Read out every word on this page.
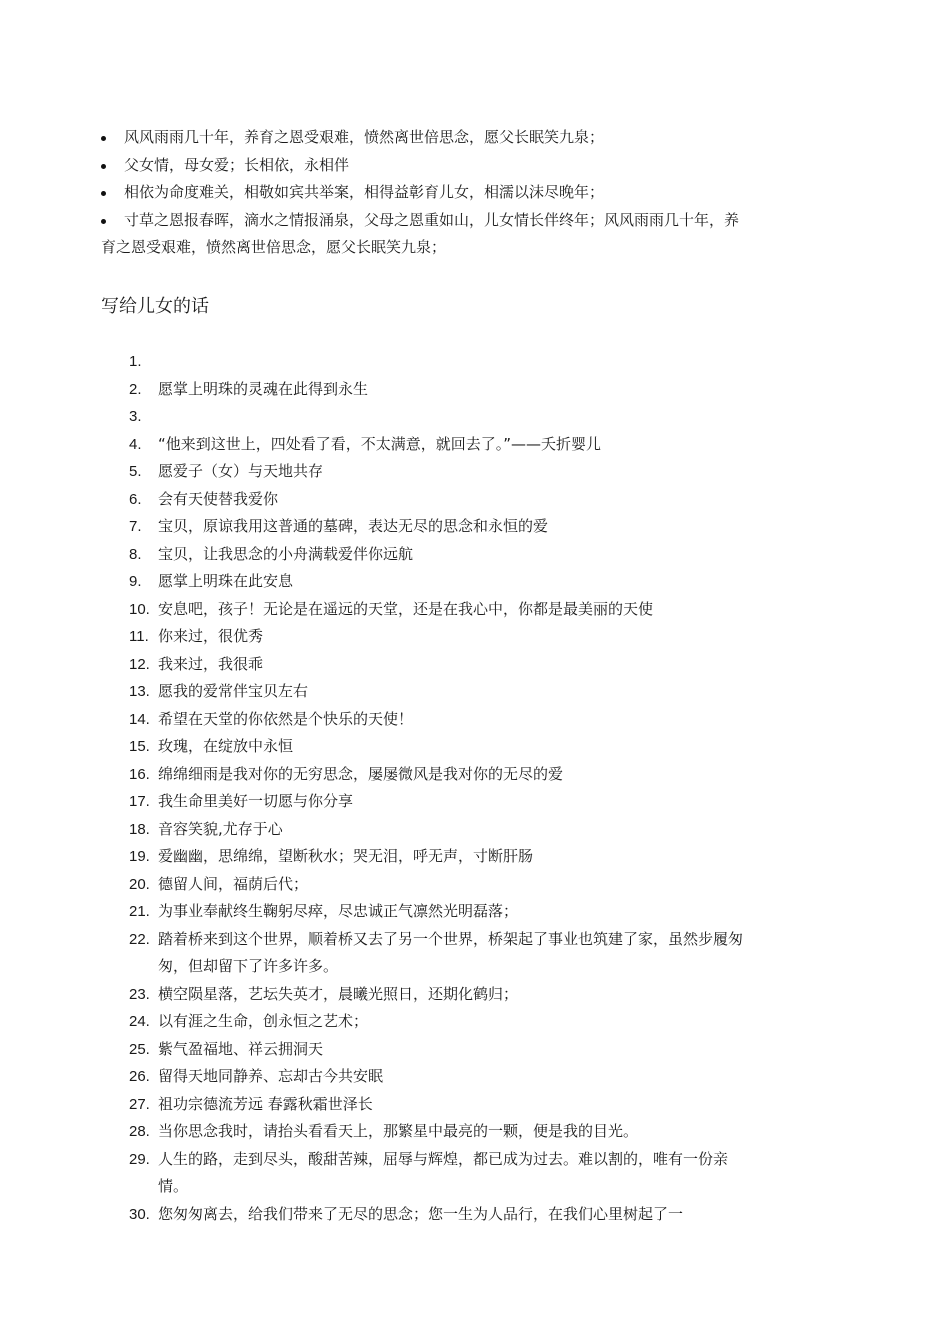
风风雨雨几十年，养育之恩受艰难，愤然离世倍思念，愿父长眠笑九泉；
父女情，母女爱；长相依，永相伴
相依为命度难关，相敬如宾共举案，相得益彰育儿女，相濡以沫尽晚年；
寸草之恩报春晖，滴水之情报涌泉，父母之恩重如山，儿女情长伴终年；风风雨雨几十年，养育之恩受艰难，愤然离世倍思念，愿父长眠笑九泉；
写给儿女的话
1.
2. 愿掌上明珠的灵魂在此得到永生
3.
4. “他来到这世上，四处看了看，不太满意，就回去了。”——夭折婴儿
5. 愿爱子（女）与天地共存
6. 会有天使替我爱你
7. 宝贝，原谅我用这普通的墓碑，表达无尽的思念和永恒的爱
8. 宝贝，让我思念的小舟满载爱伴你远航
9. 愿掌上明珠在此安息
10. 安息吧，孩子！无论是在遥远的天堂，还是在我心中，你都是最美丽的天使
11. 你来过，很优秀
12. 我来过，我很乖
13. 愿我的爱常伴宝贝左右
14. 希望在天堂的你依然是个快乐的天使！
15. 玫瑰，在绽放中永恒
16. 绵绵细雨是我对你的无穷思念，屡屡微风是我对你的无尽的爱
17. 我生命里美好一切愿与你分享
18. 音容笑貌,尤存于心
19. 爱幽幽，思绵绵，望断秋水；哭无泪，呼无声，寸断肝肠
20. 德留人间，福荫后代；
21. 为事业奉献终生鞠躬尽瘁，尽忠诚正气凛然光明磊落；
22. 踏着桥来到这个世界，顺着桥又去了另一个世界，桥架起了事业也筑建了家，虽然步履匆匆，但却留下了许多许多。
23. 横空陨星落，艺坛失英才，晨曦光照日，还期化鹤归；
24. 以有涯之生命，创永恒之艺术；
25. 紫气盈福地、祥云拥洞天
26. 留得天地同静养、忘却古今共安眠
27. 祖功宗德流芳远 春露秋霜世泽长
28. 当你思念我时，请抬头看看天上，那繁星中最亮的一颗，便是我的目光。
29. 人生的路，走到尽头，酸甜苦辣，屈辱与辉煌，都已成为过去。难以割的，唯有一份亲情。
30. 您匆匆离去，给我们带来了无尽的思念；您一生为人品行，在我们心里树起了一
